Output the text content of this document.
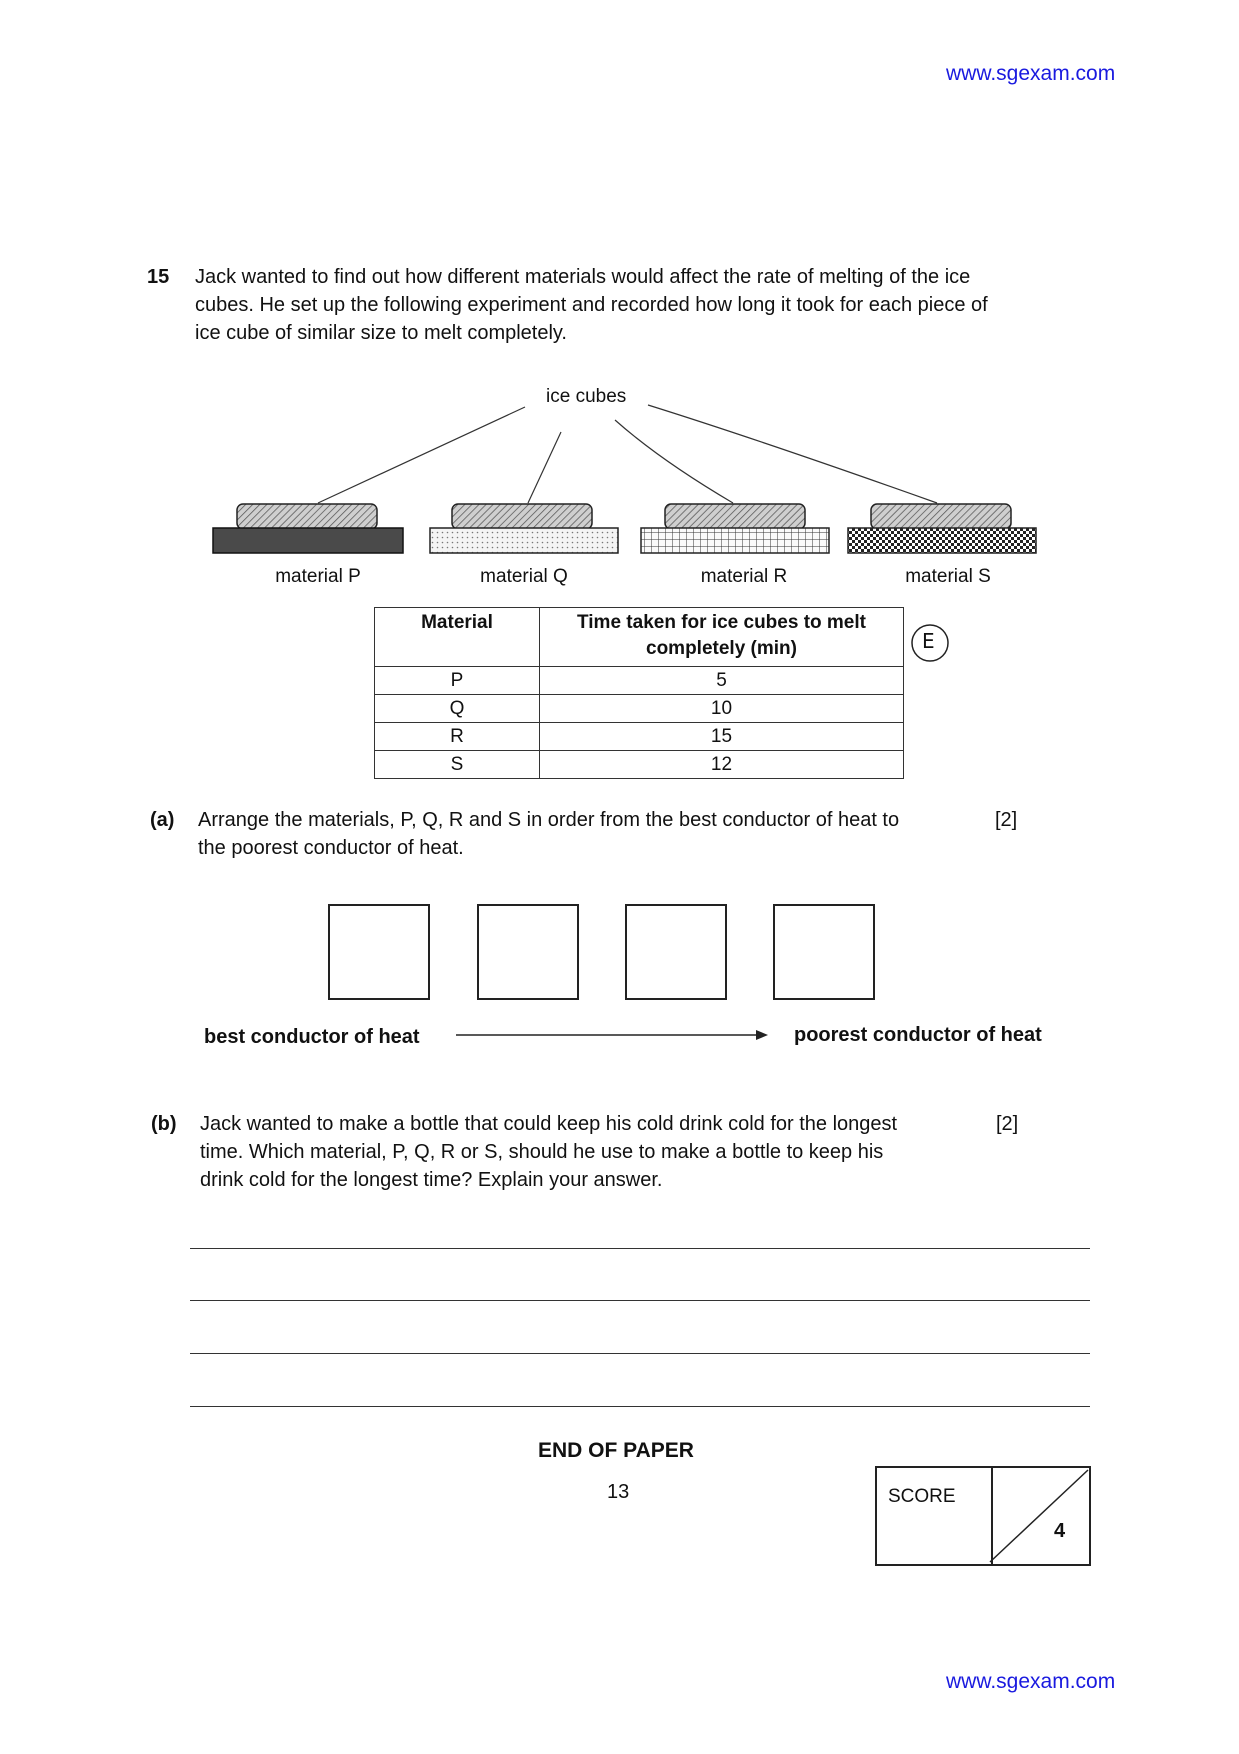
www.sgexam.com
15 Jack wanted to find out how different materials would affect the rate of melting of the ice
cubes. He set up the following experiment and recorded how long it took for each piece of
ice cube of similar size to melt completely.
ice cubes
material P	material Q	material R	material S
Material	Time taken for ice cubes to melt
completely (min)

P	5
Q	10
R	15
S	12
E
(a) Arrange the materials, P, Q, R and S in order from the best conductor of heat to
the poorest conductor of heat.
[2]
best conductor of heat	poorest conductor of heat
(b) Jack wanted to make a bottle that could keep his cold drink cold for the longest
time. Which material, P, Q, R or S, should he use to make a bottle to keep his
drink cold for the longest time? Explain your answer.
[2]
END OF PAPER
13	SCORE
4
www.sgexam.com
